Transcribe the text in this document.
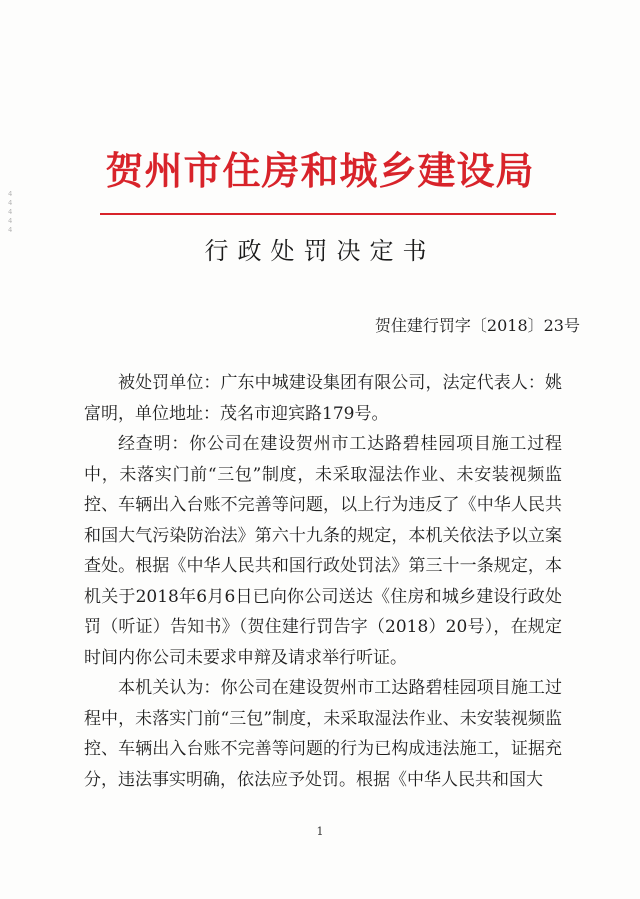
4 4 4 4 4
贺州市住房和城乡建设局
行政处罚决定书
贺住建行罚字〔2018〕23号

被处罚单位：广东中城建设集团有限公司，法定代表人：姚富明，单位地址：茂名市迎宾路179号。

经查明：你公司在建设贺州市工达路碧桂园项目施工过程中，未落实门前“三包”制度，未采取湿法作业、未安装视频监控、车辆出入台账不完善等问题，以上行为违反了《中华人民共和国大气污染防治法》第六十九条的规定，本机关依法予以立案查处。根据《中华人民共和国行政处罚法》第三十一条规定，本机关于2018年6月6日已向你公司送达《住房和城乡建设行政处罚（听证）告知书》（贺住建行罚告字（2018）20号），在规定时间内你公司未要求申辩及请求举行听证。

本机关认为：你公司在建设贺州市工达路碧桂园项目施工过程中，未落实门前“三包”制度，未采取湿法作业、未安装视频监控、车辆出入台账不完善等问题的行为已构成违法施工，证据充分，违法事实明确，依法应予处罚。根据《中华人民共和国大

1
